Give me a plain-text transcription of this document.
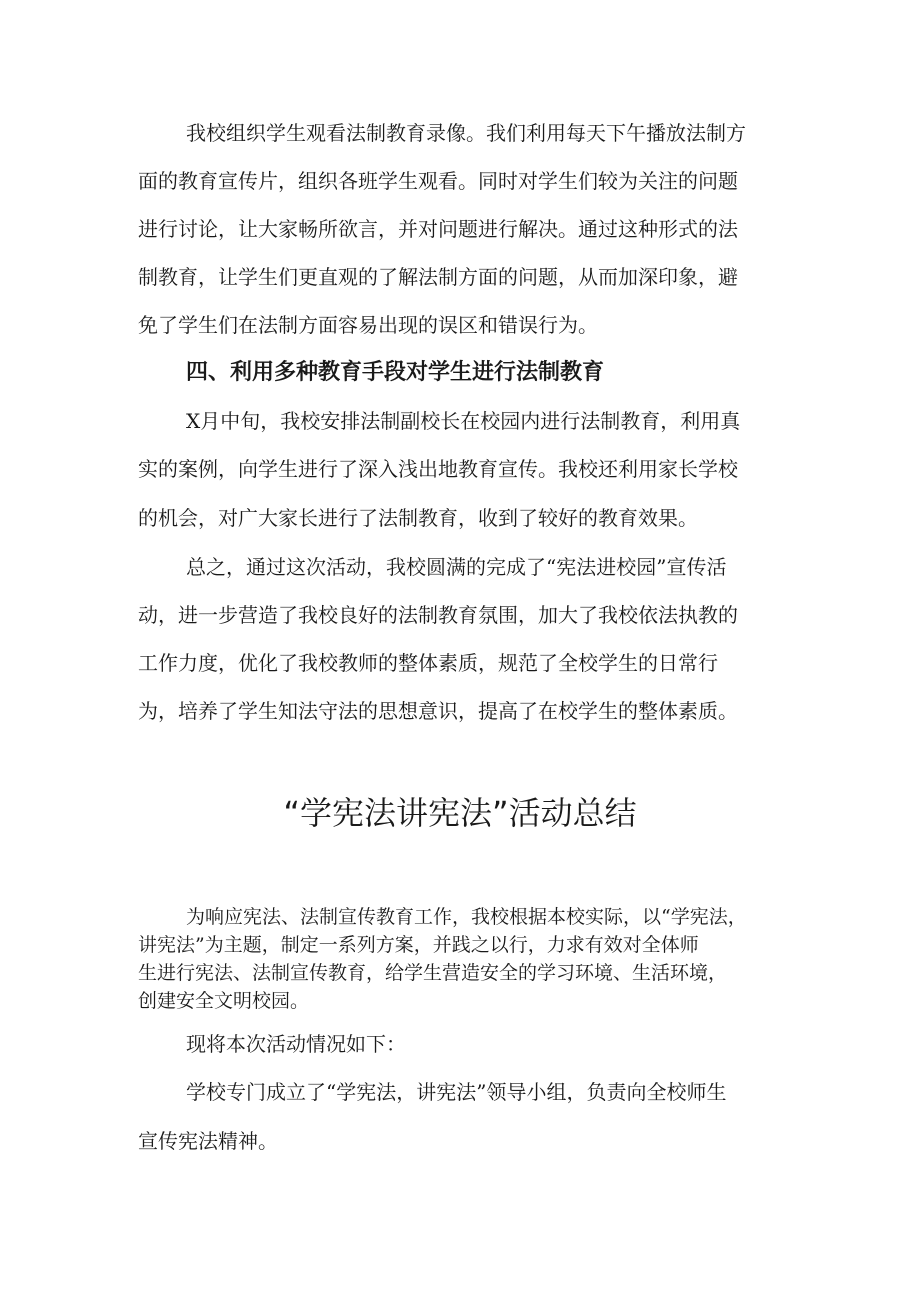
我校组织学生观看法制教育录像。我们利用每天下午播放法制方
面的教育宣传片，组织各班学生观看。同时对学生们较为关注的问题
进行讨论，让大家畅所欲言，并对问题进行解决。通过这种形式的法
制教育，让学生们更直观的了解法制方面的问题，从而加深印象，避
免了学生们在法制方面容易出现的误区和错误行为。
四、利用多种教育手段对学生进行法制教育
X月中旬，我校安排法制副校长在校园内进行法制教育，利用真
实的案例，向学生进行了深入浅出地教育宣传。我校还利用家长学校
的机会，对广大家长进行了法制教育，收到了较好的教育效果。
总之，通过这次活动，我校圆满的完成了“宪法进校园”宣传活
动，进一步营造了我校良好的法制教育氛围，加大了我校依法执教的
工作力度，优化了我校教师的整体素质，规范了全校学生的日常行
为，培养了学生知法守法的思想意识，提高了在校学生的整体素质。
“学宪法讲宪法”活动总结
为响应宪法、法制宣传教育工作，我校根据本校实际，以“学宪法，
讲宪法”为主题，制定一系列方案，并践之以行，力求有效对全体师
生进行宪法、法制宣传教育，给学生营造安全的学习环境、生活环境，
创建安全文明校园。
现将本次活动情况如下：
学校专门成立了“学宪法，讲宪法”领导小组，负责向全校师生
宣传宪法精神。
